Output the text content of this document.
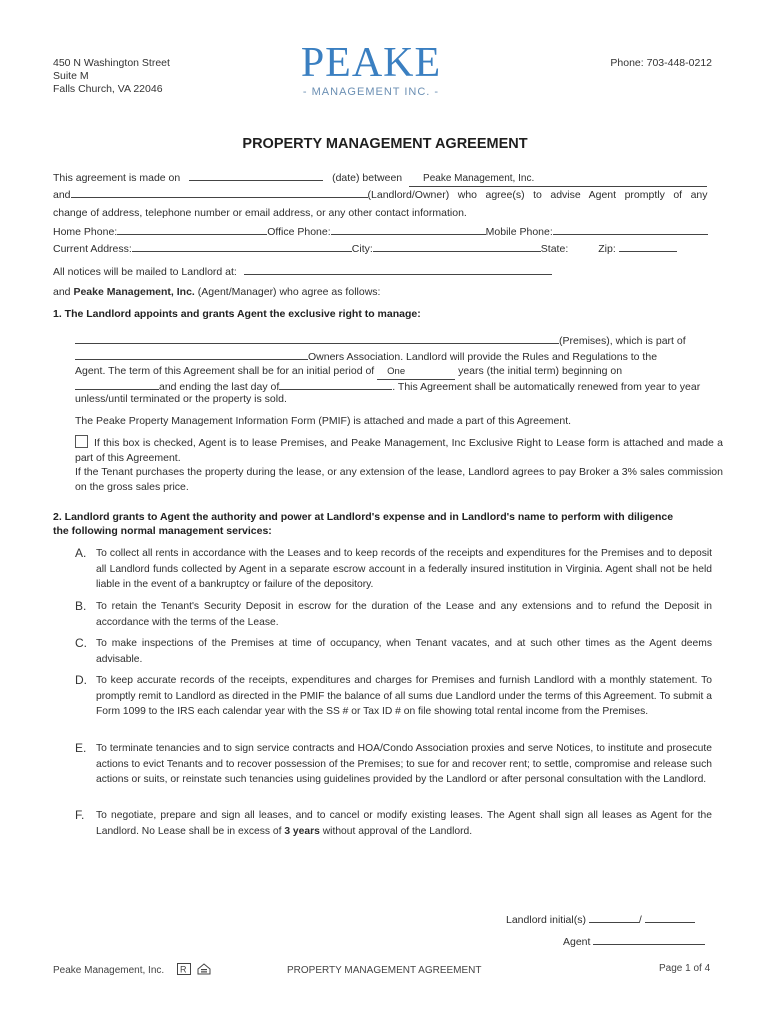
450 N Washington Street
Suite M
Falls Church, VA 22046
PEAKE
- MANAGEMENT INC. -
Phone: 703-448-0212
PROPERTY MANAGEMENT AGREEMENT
This agreement is made on	(date) between Peake Management, Inc.
and	(Landlord/Owner) who agree(s) to advise Agent promptly of any
change of address, telephone number or email address, or any other contact information.
Home Phone:	Office Phone:	Mobile Phone:
Current Address:	City:	State:	Zip:
All notices will be mailed to Landlord at:
and Peake Management, Inc. (Agent/Manager) who agree as follows:
1. The Landlord appoints and grants Agent the exclusive right to manage:
(Premises), which is part of
Owners Association. Landlord will provide the Rules and Regulations to the
Agent. The term of this Agreement shall be for an initial period of One	years (the initial term) beginning on
and ending the last day of	. This Agreement shall be automatically renewed from year to year
unless/until terminated or the property is sold.
The Peake Property Management Information Form (PMIF) is attached and made a part of this Agreement.
If this box is checked, Agent is to lease Premises, and Peake Management, Inc Exclusive Right to Lease form is attached and made a part of this Agreement.
If the Tenant purchases the property during the lease, or any extension of the lease, Landlord agrees to pay Broker a 3% sales commission on the gross sales price.
2. Landlord grants to Agent the authority and power at Landlord's expense and in Landlord's name to perform with diligence the following normal management services:
A. To collect all rents in accordance with the Leases and to keep records of the receipts and expenditures for the Premises and to deposit all Landlord funds collected by Agent in a separate escrow account in a federally insured institution in Virginia. Agent shall not be held liable in the event of a bankruptcy or failure of the depository.
B. To retain the Tenant's Security Deposit in escrow for the duration of the Lease and any extensions and to refund the Deposit in accordance with the terms of the Lease.
C. To make inspections of the Premises at time of occupancy, when Tenant vacates, and at such other times as the Agent deems advisable.
D. To keep accurate records of the receipts, expenditures and charges for Premises and furnish Landlord with a monthly statement. To promptly remit to Landlord as directed in the PMIF the balance of all sums due Landlord under the terms of this Agreement. To submit a Form 1099 to the IRS each calendar year with the SS # or Tax ID # on file showing total rental income from the Premises.
E. To terminate tenancies and to sign service contracts and HOA/Condo Association proxies and serve Notices, to institute and prosecute actions to evict Tenants and to recover possession of the Premises; to sue for and recover rent; to settle, compromise and release such actions or suits, or reinstate such tenancies using guidelines provided by the Landlord or after personal consultation with the Landlord.
F. To negotiate, prepare and sign all leases, and to cancel or modify existing leases. The Agent shall sign all leases as Agent for the Landlord. No Lease shall be in excess of 3 years without approval of the Landlord.
Landlord initial(s)	/
Agent
Peake Management, Inc. R
	PROPERTY MANAGEMENT AGREEMENT	Page 1 of 4
